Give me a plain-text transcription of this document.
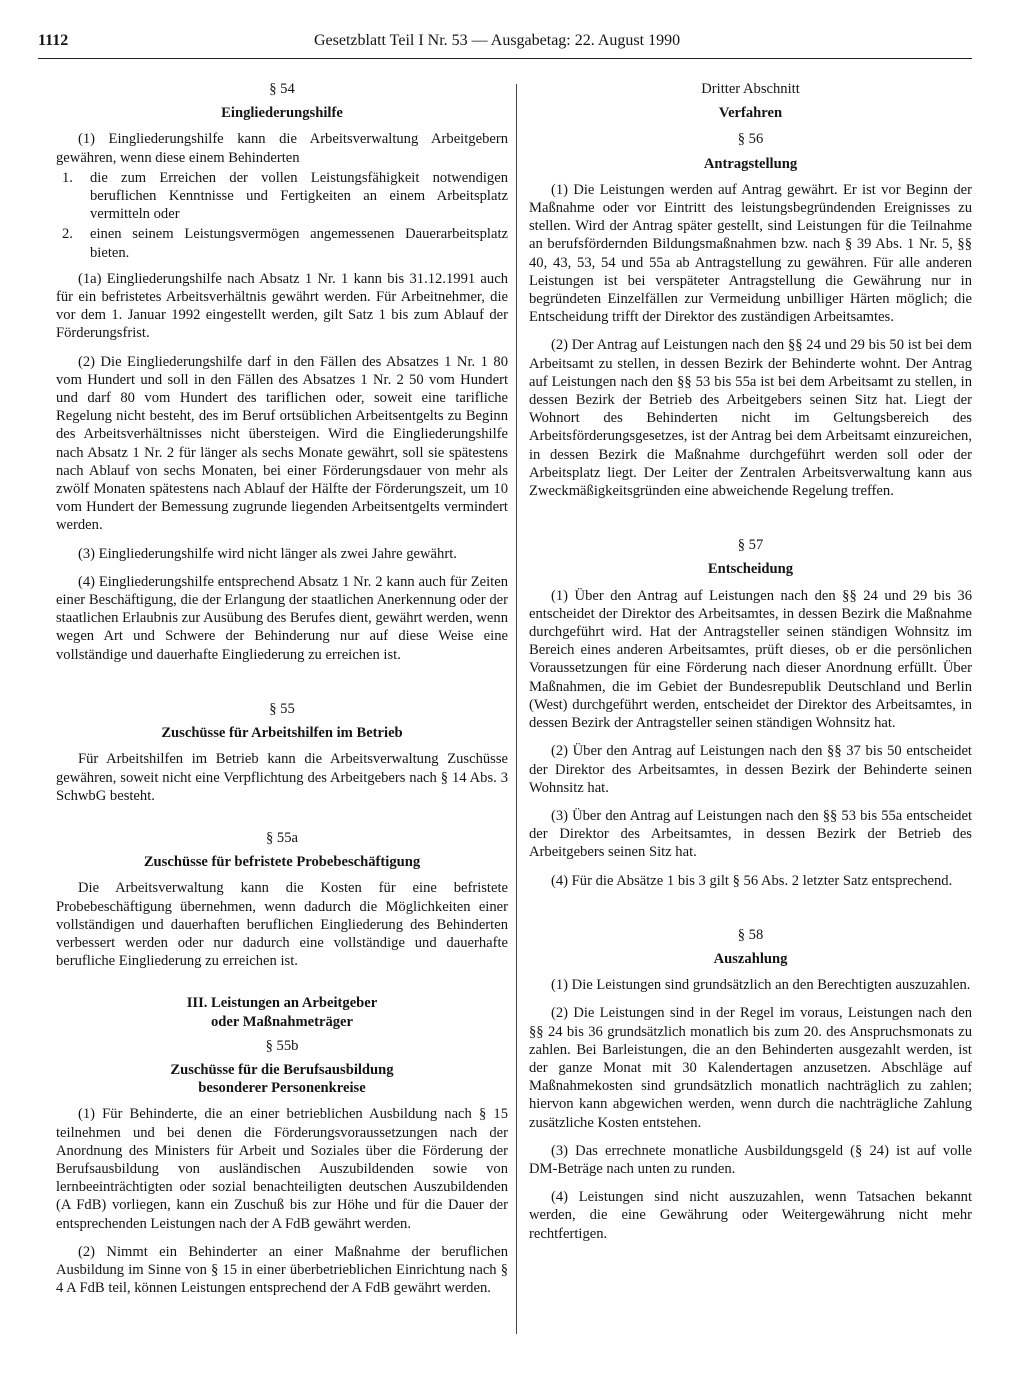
1112	Gesetzblatt Teil I Nr. 53 — Ausgabetag: 22. August 1990
§ 54
Eingliederungshilfe

(1) Eingliederungshilfe kann die Arbeitsverwaltung Arbeitgebern gewähren, wenn diese einem Behinderten

1.	die zum Erreichen der vollen Leistungsfähigkeit notwendigen beruflichen Kenntnisse und Fertigkeiten an einem Arbeitsplatz vermitteln oder
2.	einen seinem Leistungsvermögen angemessenen Dauerarbeitsplatz bieten.

(1a) Eingliederungshilfe nach Absatz 1 Nr. 1 kann bis 31.12.1991 auch für ein befristetes Arbeitsverhältnis gewährt werden. Für Arbeitnehmer, die vor dem 1. Januar 1992 eingestellt werden, gilt Satz 1 bis zum Ablauf der Förderungsfrist.

(2) Die Eingliederungshilfe darf in den Fällen des Absatzes 1 Nr. 1 80 vom Hundert und soll in den Fällen des Absatzes 1 Nr. 2 50 vom Hundert und darf 80 vom Hundert des tariflichen oder, soweit eine tarifliche Regelung nicht besteht, des im Beruf ortsüblichen Arbeitsentgelts zu Beginn des Arbeitsverhältnisses nicht übersteigen. Wird die Eingliederungshilfe nach Absatz 1 Nr. 2 für länger als sechs Monate gewährt, soll sie spätestens nach Ablauf von sechs Monaten, bei einer Förderungsdauer von mehr als zwölf Monaten spätestens nach Ablauf der Hälfte der Förderungszeit, um 10 vom Hundert der Bemessung zugrunde liegenden Arbeitsentgelts vermindert werden.

(3) Eingliederungshilfe wird nicht länger als zwei Jahre gewährt.

(4) Eingliederungshilfe entsprechend Absatz 1 Nr. 2 kann auch für Zeiten einer Beschäftigung, die der Erlangung der staatlichen Anerkennung oder der staatlichen Erlaubnis zur Ausübung des Berufes dient, gewährt werden, wenn wegen Art und Schwere der Behinderung nur auf diese Weise eine vollständige und dauerhafte Eingliederung zu erreichen ist.

§ 55
Zuschüsse für Arbeitshilfen im Betrieb

Für Arbeitshilfen im Betrieb kann die Arbeitsverwaltung Zuschüsse gewähren, soweit nicht eine Verpflichtung des Arbeitgebers nach § 14 Abs. 3 SchwbG besteht.

§ 55a
Zuschüsse für befristete Probebeschäftigung

Die Arbeitsverwaltung kann die Kosten für eine befristete Probebeschäftigung übernehmen, wenn dadurch die Möglichkeiten einer vollständigen und dauerhaften beruflichen Eingliederung des Behinderten verbessert werden oder nur dadurch eine vollständige und dauerhafte berufliche Eingliederung zu erreichen ist.

III. Leistungen an Arbeitgeber
oder Maßnahmeträger
§ 55b
Zuschüsse für die Berufsausbildung
besonderer Personenkreise

(1) Für Behinderte, die an einer betrieblichen Ausbildung nach § 15 teilnehmen und bei denen die Förderungsvoraussetzungen nach der Anordnung des Ministers für Arbeit und Soziales über die Förderung der Berufsausbildung von ausländischen Auszubildenden sowie von lernbeeinträchtigten oder sozial benachteiligten deutschen Auszubildenden (A FdB) vorliegen, kann ein Zuschuß bis zur Höhe und für die Dauer der entsprechenden Leistungen nach der A FdB gewährt werden.

(2) Nimmt ein Behinderter an einer Maßnahme der beruflichen Ausbildung im Sinne von § 15 in einer überbetrieblichen Einrichtung nach § 4 A FdB teil, können Leistungen entsprechend der A FdB gewährt werden.

Dritter Abschnitt
Verfahren
§ 56
Antragstellung

(1) Die Leistungen werden auf Antrag gewährt. Er ist vor Beginn der Maßnahme oder vor Eintritt des leistungsbegründenden Ereignisses zu stellen. Wird der Antrag später gestellt, sind Leistungen für die Teilnahme an berufsfördernden Bildungsmaßnahmen bzw. nach § 39 Abs. 1 Nr. 5, §§ 40, 43, 53, 54 und 55a ab Antragstellung zu gewähren. Für alle anderen Leistungen ist bei verspäteter Antragstellung die Gewährung nur in begründeten Einzelfällen zur Vermeidung unbilliger Härten möglich; die Entscheidung trifft der Direktor des zuständigen Arbeitsamtes.

(2) Der Antrag auf Leistungen nach den §§ 24 und 29 bis 50 ist bei dem Arbeitsamt zu stellen, in dessen Bezirk der Behinderte wohnt. Der Antrag auf Leistungen nach den §§ 53 bis 55a ist bei dem Arbeitsamt zu stellen, in dessen Bezirk der Betrieb des Arbeitgebers seinen Sitz hat. Liegt der Wohnort des Behinderten nicht im Geltungsbereich des Arbeitsförderungsgesetzes, ist der Antrag bei dem Arbeitsamt einzureichen, in dessen Bezirk die Maßnahme durchgeführt werden soll oder der Arbeitsplatz liegt. Der Leiter der Zentralen Arbeitsverwaltung kann aus Zweckmäßigkeitsgründen eine abweichende Regelung treffen.

§ 57
Entscheidung

(1) Über den Antrag auf Leistungen nach den §§ 24 und 29 bis 36 entscheidet der Direktor des Arbeitsamtes, in dessen Bezirk die Maßnahme durchgeführt wird. Hat der Antragsteller seinen ständigen Wohnsitz im Bereich eines anderen Arbeitsamtes, prüft dieses, ob er die persönlichen Voraussetzungen für eine Förderung nach dieser Anordnung erfüllt. Über Maßnahmen, die im Gebiet der Bundesrepublik Deutschland und Berlin (West) durchgeführt werden, entscheidet der Direktor des Arbeitsamtes, in dessen Bezirk der Antragsteller seinen ständigen Wohnsitz hat.

(2) Über den Antrag auf Leistungen nach den §§ 37 bis 50 entscheidet der Direktor des Arbeitsamtes, in dessen Bezirk der Behinderte seinen Wohnsitz hat.

(3) Über den Antrag auf Leistungen nach den §§ 53 bis 55a entscheidet der Direktor des Arbeitsamtes, in dessen Bezirk der Betrieb des Arbeitgebers seinen Sitz hat.

(4) Für die Absätze 1 bis 3 gilt § 56 Abs. 2 letzter Satz entsprechend.

§ 58
Auszahlung

(1) Die Leistungen sind grundsätzlich an den Berechtigten auszuzahlen.

(2) Die Leistungen sind in der Regel im voraus, Leistungen nach den §§ 24 bis 36 grundsätzlich monatlich bis zum 20. des Anspruchsmonats zu zahlen. Bei Barleistungen, die an den Behinderten ausgezahlt werden, ist der ganze Monat mit 30 Kalendertagen anzusetzen. Abschläge auf Maßnahmekosten sind grundsätzlich monatlich nachträglich zu zahlen; hiervon kann abgewichen werden, wenn durch die nachträgliche Zahlung zusätzliche Kosten entstehen.

(3) Das errechnete monatliche Ausbildungsgeld (§ 24) ist auf volle DM-Beträge nach unten zu runden.

(4) Leistungen sind nicht auszuzahlen, wenn Tatsachen bekannt werden, die eine Gewährung oder Weitergewährung nicht mehr rechtfertigen.
